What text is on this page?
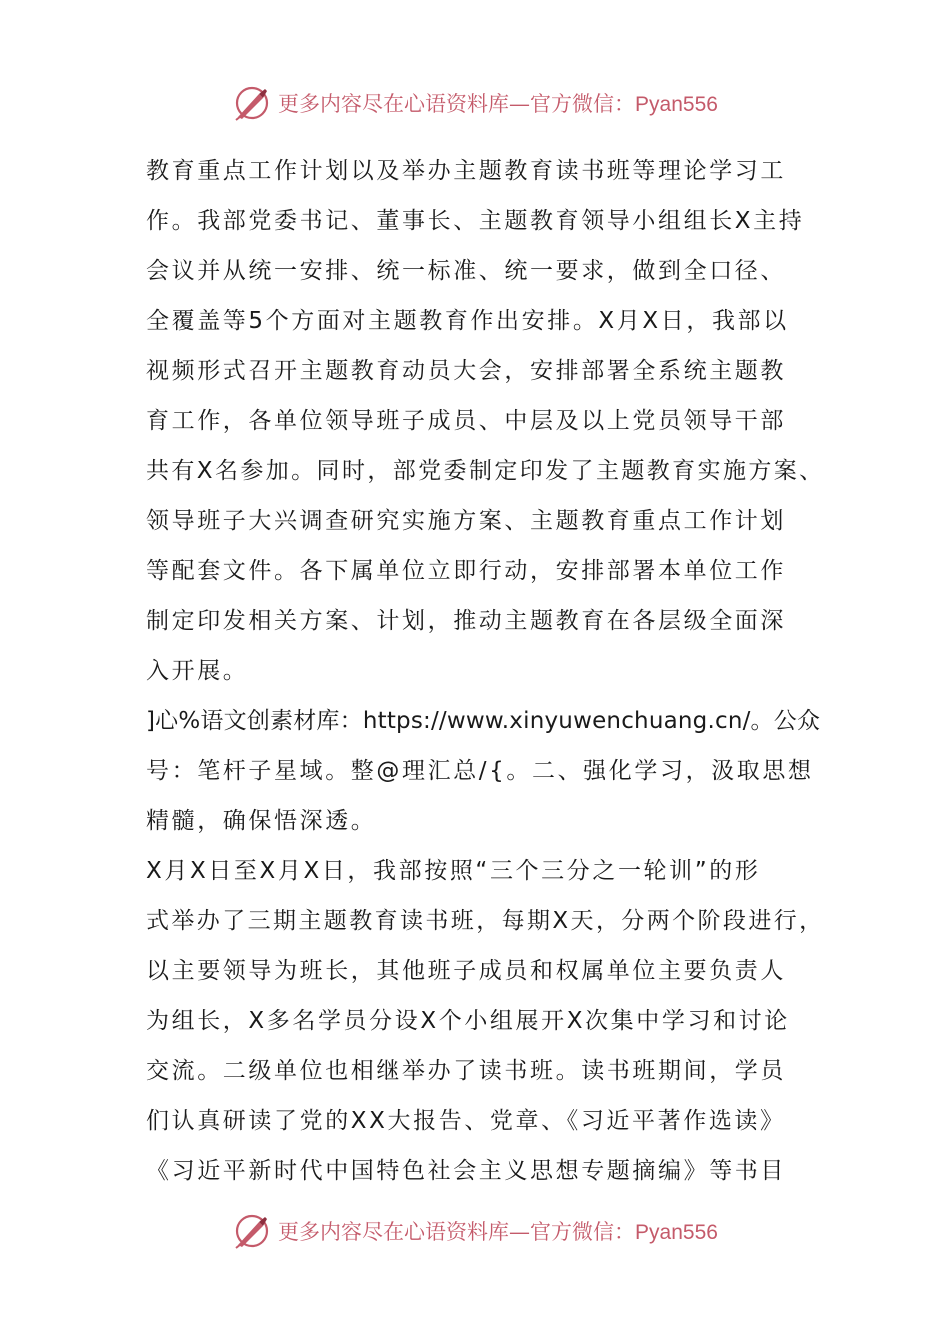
更多内容尽在心语资料库—官方微信：Pyan556
教育重点工作计划以及举办主题教育读书班等理论学习工
作。我部党委书记、董事长、主题教育领导小组组长X主持
会议并从统一安排、统一标准、统一要求，做到全口径、
全覆盖等5个方面对主题教育作出安排。X月X日，我部以
视频形式召开主题教育动员大会，安排部署全系统主题教
育工作，各单位领导班子成员、中层及以上党员领导干部
共有X名参加。同时，部党委制定印发了主题教育实施方案、
领导班子大兴调查研究实施方案、主题教育重点工作计划
等配套文件。各下属单位立即行动，安排部署本单位工作
制定印发相关方案、计划，推动主题教育在各层级全面深
入开展。
]心%语文创素材库：https://www.xinyuwenchuang.cn/。公众
号：笔杆子星域。整@理汇总/{。二、强化学习，汲取思想
精髓，确保悟深透。
X月X日至X月X日，我部按照“三个三分之一轮训”的形
式举办了三期主题教育读书班，每期X天，分两个阶段进行，
以主要领导为班长，其他班子成员和权属单位主要负责人
为组长，X多名学员分设X个小组展开X次集中学习和讨论
交流。二级单位也相继举办了读书班。读书班期间，学员
们认真研读了党的XX大报告、党章、《习近平著作选读》
《习近平新时代中国特色社会主义思想专题摘编》等书目
更多内容尽在心语资料库—官方微信：Pyan556
